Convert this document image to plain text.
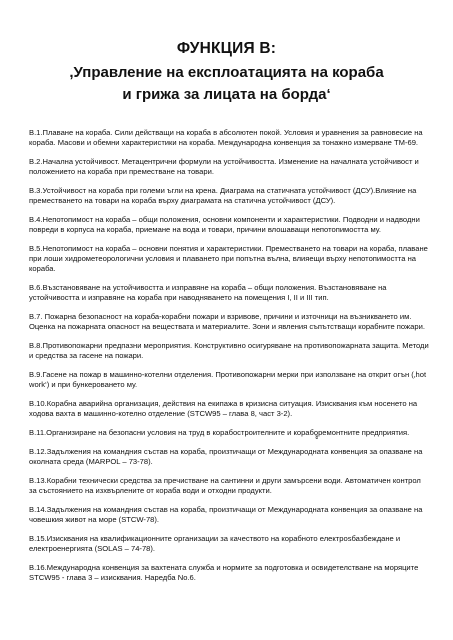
ФУНКЦИЯ В:

,Управление на експлоатацията на кораба
и грижа за лицата на борда‘

В.1.Плаване на кораба. Сили действащи на кораба в абсолютен покой. Условия и уравнения за равновесие на кораба. Масови и обемни характеристики на кораба. Международна конвенция за тонажно измерване ТМ-69.

В.2.Начална устойчивост. Метацентрични формули на устойчивостта. Изменение на началната устойчивост и положението на кораба при преместване на товари.

В.3.Устойчивост на кораба при големи ъгли на крена. Диаграма на статичната устойчивост (ДСУ).Влияние на преместването на товари на кораба върху диаграмата на статична устойчивост (ДСУ).

В.4.Непотопимост на кораба – общи положения, основни компоненти и характеристики. Подводни и надводни повреди в корпуса на кораба, приемане на вода и товари, причини влошаващи непотопимостта му.

В.5.Непотопимост на кораба – основни понятия и характеристики. Преместването на товари на кораба, плаване при лоши хидрометеорологични условия и плаването при попътна вълна, влияещи върху непотопимостта на кораба.

В.6.Възстановяване на устойчивостта и изправяне на кораба – общи положения. Възстановяване на устойчивостта и изправяне на кораба при наводняването на помещения I, II и III тип.

В.7. Пожарна безопасност на кораба-корабни пожари и взривове, причини и източници на възникването им. Оценка на пожарната опасност на веществата и материалите. Зони и явления съпътстващи корабните пожари.

В.8.Противопожарни предпазни мероприятия. Конструктивно осигуряване на противопожарната защита. Методи и средства за гасене на пожари.

В.9.Гасене на пожар в машинно-котелни отделения. Противопожарни мерки при използване на открит огън (‚hot work‘) и при бункероването му.

В.10.Корабна аварийна организация, действия на екипажа в кризисна ситуация. Изисквания към носенето на ходова вахта в машинно-котелно отделение (STCW95 – глава 8, част 3-2).

В.11.Организиране на безопасни условия на труд в корабостроителните и корабоููремонтните предприятия.

В.12.Задължения на командния състав на кораба, произтичащи от Международната конвенция за опазване на околната среда (MARPOL – 73-78).

В.13.Корабни технически средства за пречистване на сантинни и други замърсени води. Автоматичен контрол за състоянието на изхвърлените от кораба води и отходни продукти.

В.14.Задължения на командния състав на кораба, произтичащи от Международната конвенция за опазване на човешкия живот на море (STCW-78).

В.15.Изисквания на квалификационните организации за качеството на корабното електроѕбазбеждане и електроенергията (SOLAS – 74-78).

В.16.Международна конвенция за вахтената служба и нормите за подготовка и освидетелстване на моряците STCW95 - глава 3 – изисквания. Наредба No.6.
